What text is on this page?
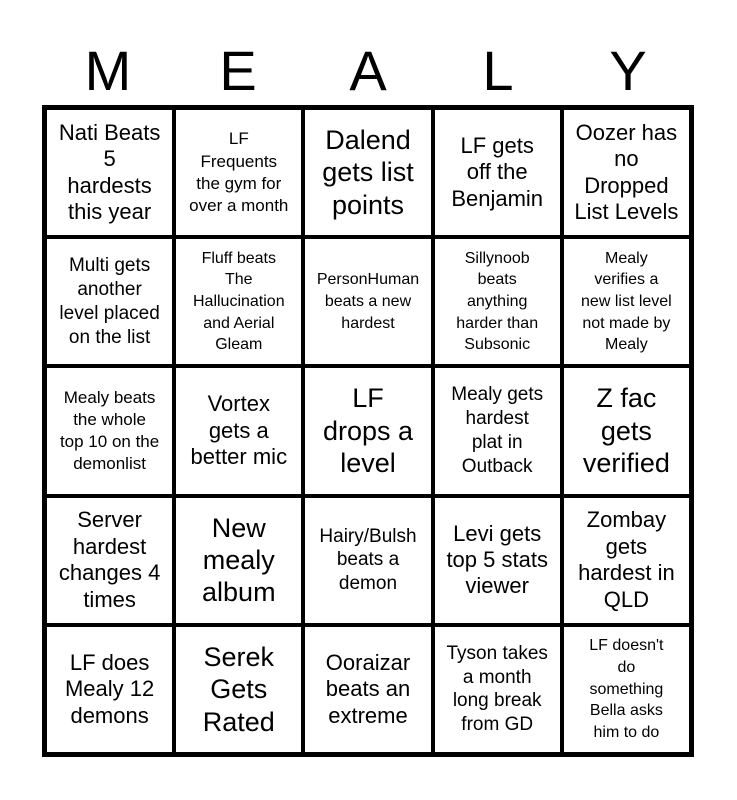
M	E	A	L	Y
Nati Beats
5
hardests
this year
LF
Frequents
the gym for
over a month
Dalend
gets list
points
LF gets
off the
Benjamin
Oozer has
no
Dropped
List Levels
Multi gets
another
level placed
on the list
Fluff beats
The
Hallucination
and Aerial
Gleam
PersonHuman
beats a new
hardest
Sillynoob
beats
anything
harder than
Subsonic
Mealy
verifies a
new list level
not made by
Mealy
Mealy beats
the whole
top 10 on the
demonlist
Vortex
gets a
better mic
LF
drops a
level
Mealy gets
hardest
plat in
Outback
Z fac
gets
verified
Server
hardest
changes 4
times
New
mealy
album
Hairy/Bulsh
beats a
demon
Levi gets
top 5 stats
viewer
Zombay
gets
hardest in
QLD
LF does
Mealy 12
demons
Serek
Gets
Rated
Ooraizar
beats an
extreme
Tyson takes
a month
long break
from GD
LF doesn't
do
something
Bella asks
him to do
